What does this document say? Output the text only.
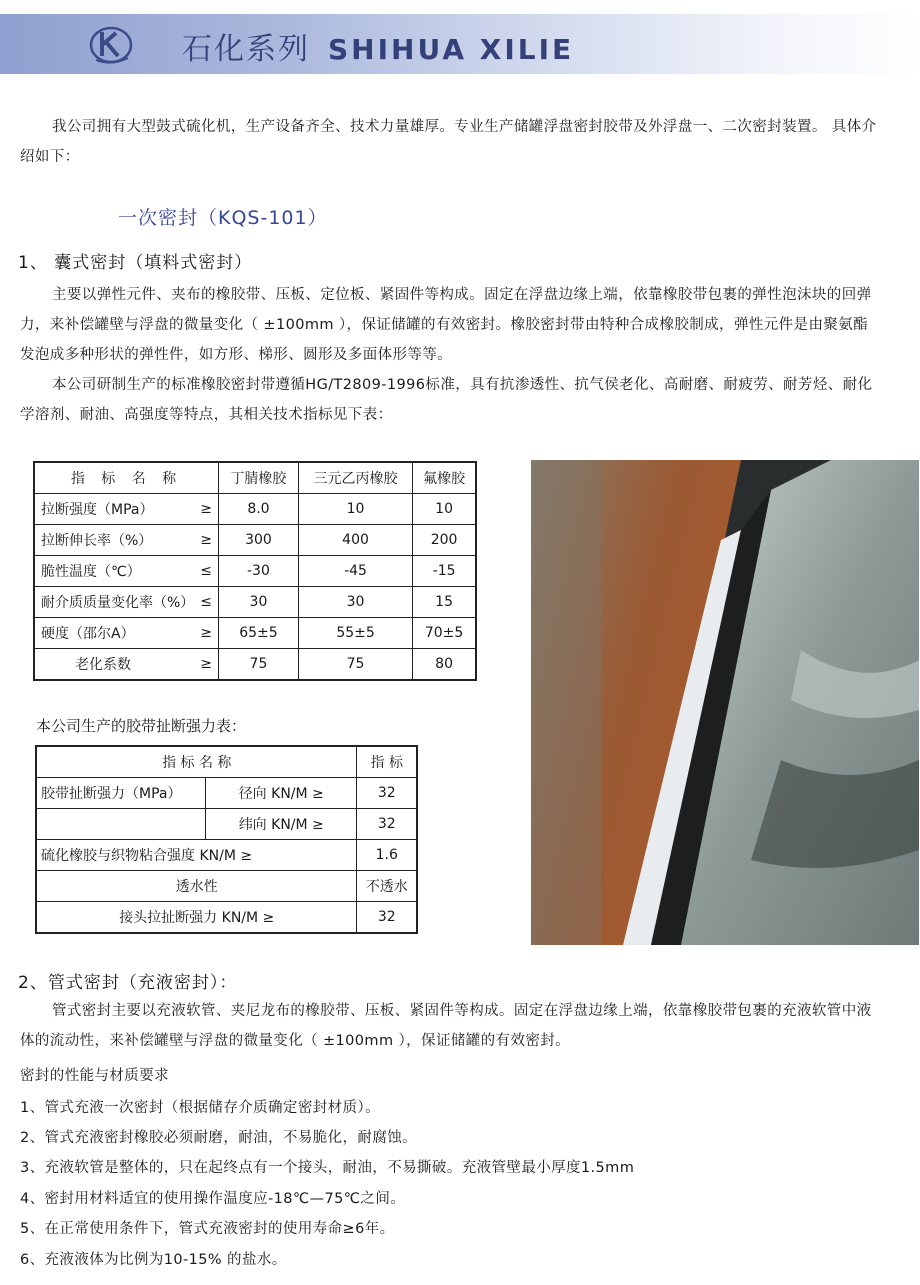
石化系列 SHIHUA XILIE
我公司拥有大型鼓式硫化机，生产设备齐全、技术力量雄厚。专业生产储罐浮盘密封胶带及外浮盘一、二次密封装置。 具体介绍如下：
一次密封（KQS-101）
1、 囊式密封（填料式密封）
主要以弹性元件、夹布的橡胶带、压板、定位板、紧固件等构成。固定在浮盘边缘上端，依靠橡胶带包裹的弹性泡沫块的回弹力，来补偿罐壁与浮盘的微量变化（ ±100mm ），保证储罐的有效密封。橡胶密封带由特种合成橡胶制成，弹性元件是由聚氨酯发泡成多种形状的弹性件，如方形、梯形、圆形及多面体形等等。
本公司研制生产的标准橡胶密封带遵循HG/T2809-1996标准，具有抗渗透性、抗气侯老化、高耐磨、耐疲劳、耐芳烃、耐化学溶剂、耐油、高强度等特点，其相关技术指标见下表：
指 标 名 称	丁腈橡胶	三元乙丙橡胶	氟橡胶
拉断强度（MPa） ≥	8.0	10	10
拉断伸长率（%） ≥	300	400	200
脆性温度（℃） ≤	-30	-45	-15
耐介质质量变化率（%） ≤	30	30	15
硬度（邵尔A） ≥	65±5	55±5	70±5
老化系数 ≥	75	75	80
本公司生产的胶带扯断强力表：
指 标 名 称		指 标
胶带扯断强力（MPa）	径向 KN/M ≥	32
	纬向 KN/M ≥	32
硫化橡胶与织物粘合强度 KN/M ≥		1.6
透水性		不透水
接头拉扯断强力 KN/M ≥		32
2、管式密封（充液密封）：
管式密封主要以充液软管、夹尼龙布的橡胶带、压板、紧固件等构成。固定在浮盘边缘上端，依靠橡胶带包裹的充液软管中液体的流动性，来补偿罐壁与浮盘的微量变化（ ±100mm ），保证储罐的有效密封。
密封的性能与材质要求
1、管式充液一次密封（根据储存介质确定密封材质）。
2、管式充液密封橡胶必须耐磨，耐油，不易脆化，耐腐蚀。
3、充液软管是整体的，只在起终点有一个接头，耐油，不易撕破。充液管壁最小厚度1.5mm
4、密封用材料适宜的使用操作温度应-18℃—75℃之间。
5、在正常使用条件下，管式充液密封的使用寿命≥6年。
6、充液液体为比例为10-15% 的盐水。
